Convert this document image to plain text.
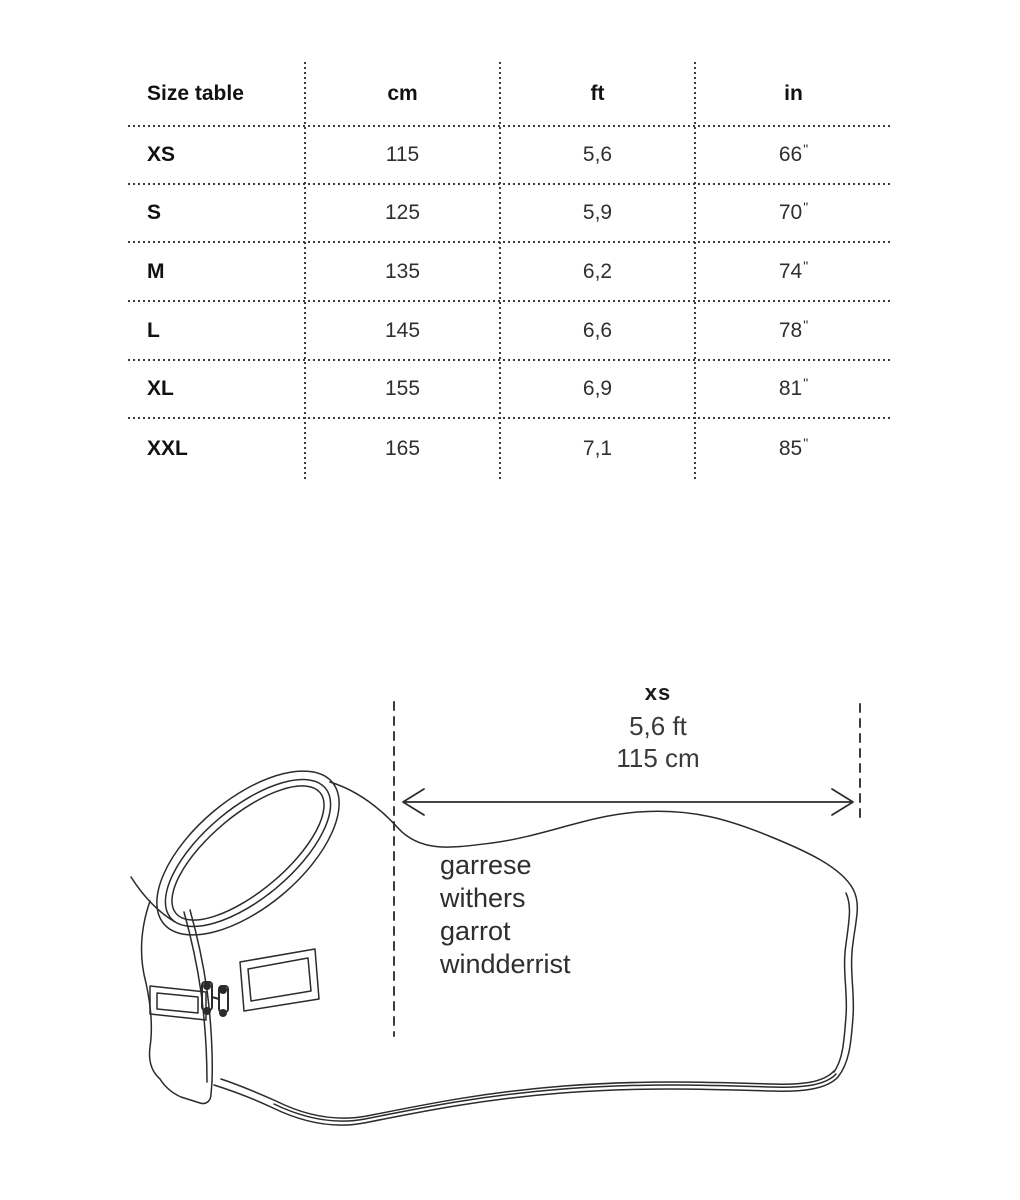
Size table	cm	ft	in
XS	115	5,6	66"
S	125	5,9	70"
M	135	6,2	74"
L	145	6,6	78"
XL	155	6,9	81"
XXL	165	7,1	85"
xs
5,6 ft
115 cm
garrese
withers
garrot
windderrist
